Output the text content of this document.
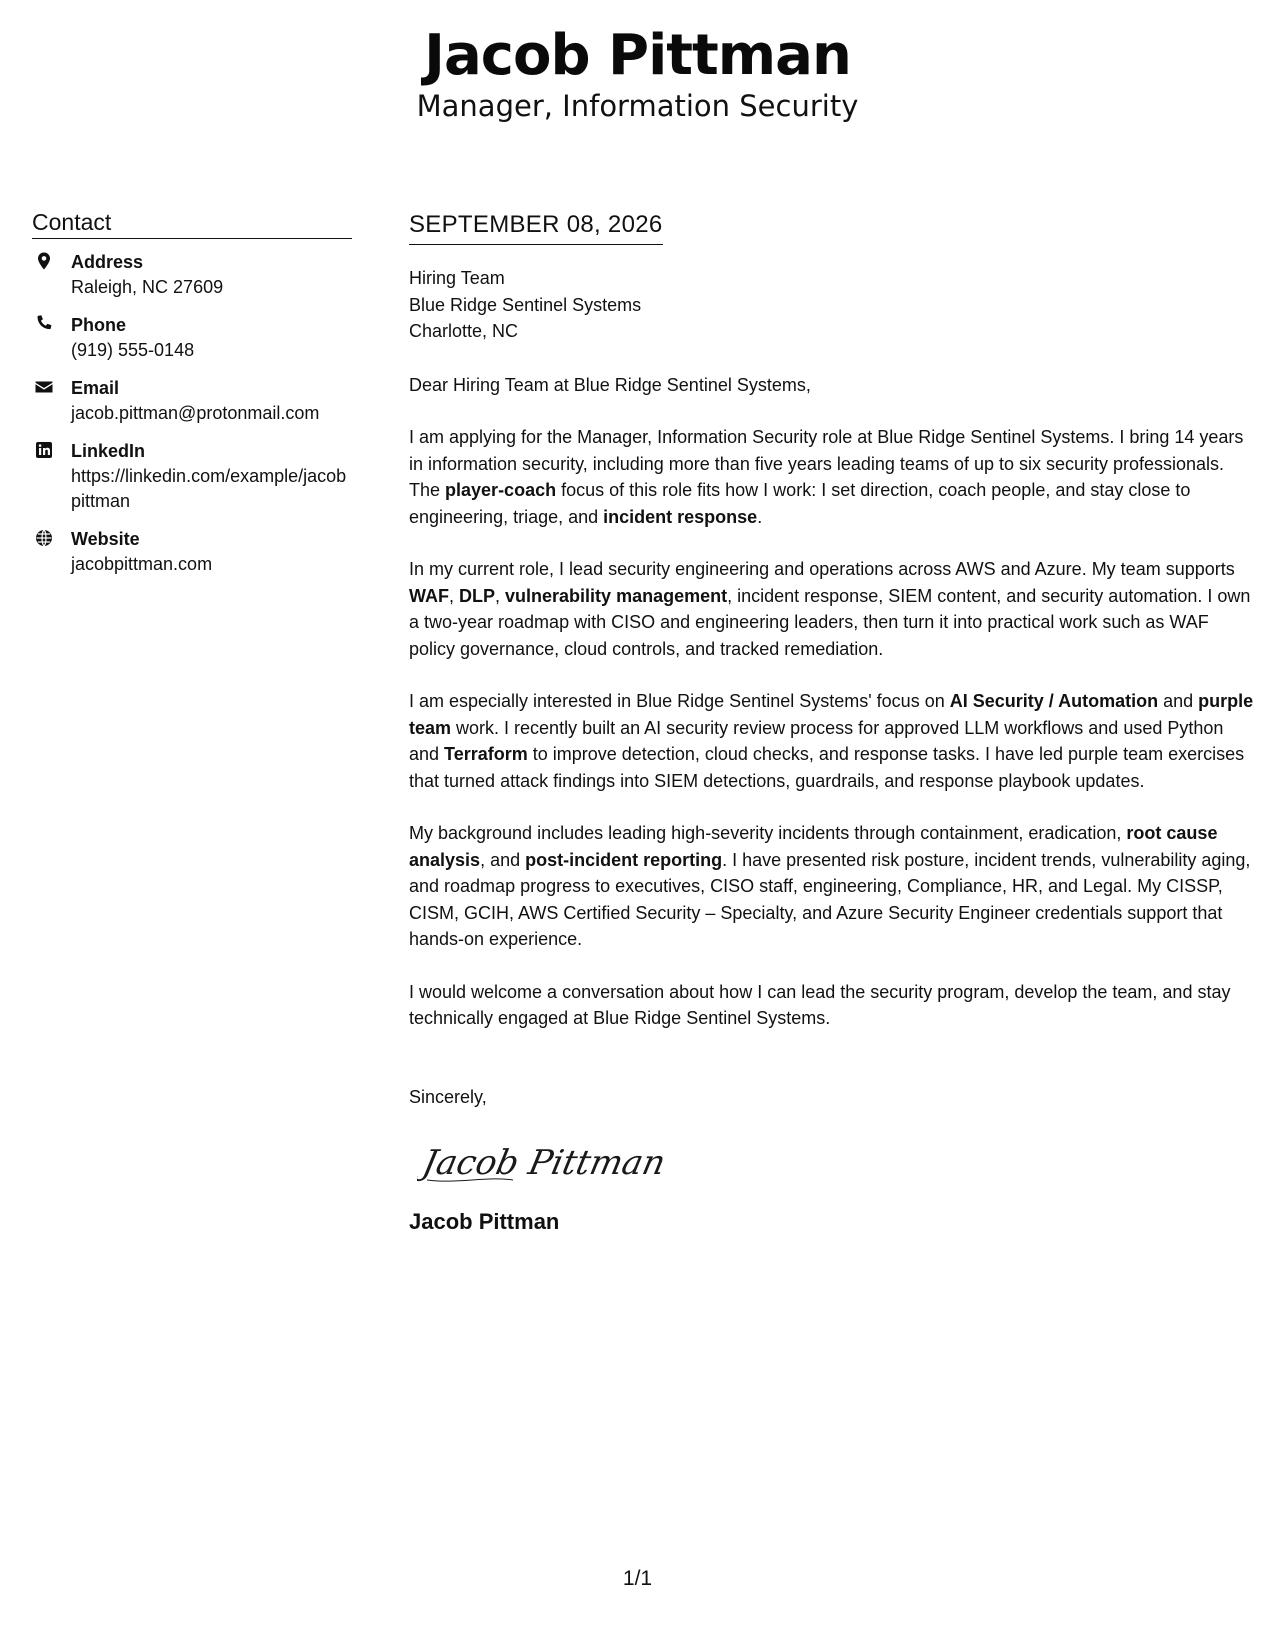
Jacob Pittman
Manager, Information Security
Contact
Address
Raleigh, NC 27609
Phone
(919) 555-0148
Email
jacob.pittman@protonmail.com
LinkedIn
https://linkedin.com/example/jacobpittman
Website
jacobpittman.com
SEPTEMBER 08, 2026
Hiring Team
Blue Ridge Sentinel Systems
Charlotte, NC

Dear Hiring Team at Blue Ridge Sentinel Systems,

I am applying for the Manager, Information Security role at Blue Ridge Sentinel Systems. I bring 14 years in information security, including more than five years leading teams of up to six security professionals. The player-coach focus of this role fits how I work: I set direction, coach people, and stay close to engineering, triage, and incident response.

In my current role, I lead security engineering and operations across AWS and Azure. My team supports WAF, DLP, vulnerability management, incident response, SIEM content, and security automation. I own a two-year roadmap with CISO and engineering leaders, then turn it into practical work such as WAF policy governance, cloud controls, and tracked remediation.

I am especially interested in Blue Ridge Sentinel Systems' focus on AI Security / Automation and purple team work. I recently built an AI security review process for approved LLM workflows and used Python and Terraform to improve detection, cloud checks, and response tasks. I have led purple team exercises that turned attack findings into SIEM detections, guardrails, and response playbook updates.

My background includes leading high-severity incidents through containment, eradication, root cause analysis, and post-incident reporting. I have presented risk posture, incident trends, vulnerability aging, and roadmap progress to executives, CISO staff, engineering, Compliance, HR, and Legal. My CISSP, CISM, GCIH, AWS Certified Security – Specialty, and Azure Security Engineer credentials support that hands-on experience.

I would welcome a conversation about how I can lead the security program, develop the team, and stay technically engaged at Blue Ridge Sentinel Systems.

Sincerely,
Jacob Pittman
Jacob Pittman
1/1
